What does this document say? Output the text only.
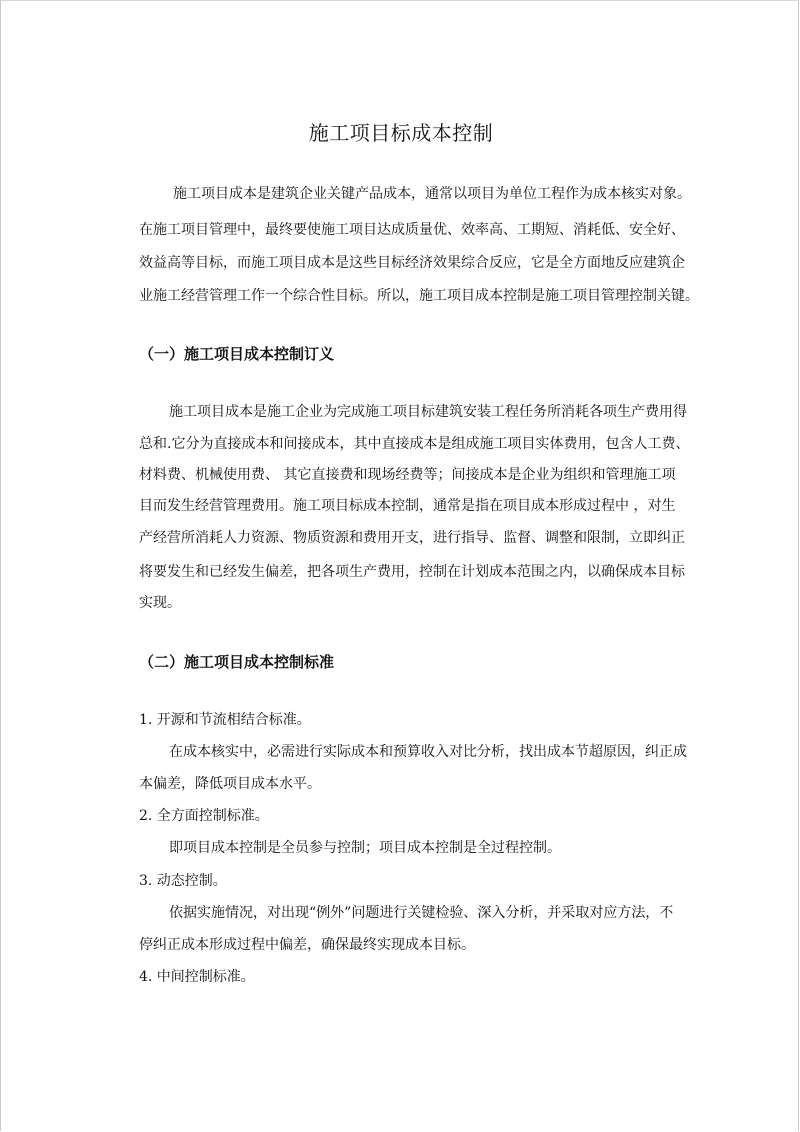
施工项目标成本控制
施工项目成本是建筑企业关键产品成本，通常以项目为单位工程作为成本核实对象。
在施工项目管理中，最终要使施工项目达成质量优、效率高、工期短、消耗低、安全好、
效益高等目标，而施工项目成本是这些目标经济效果综合反应，它是全方面地反应建筑企
业施工经营管理工作一个综合性目标。所以，施工项目成本控制是施工项目管理控制关键。
（一）施工项目成本控制订义
施工项目成本是施工企业为完成施工项目标建筑安装工程任务所消耗各项生产费用得
总和.它分为直接成本和间接成本，其中直接成本是组成施工项目实体费用，包含人工费、
材料费、机械使用费、 其它直接费和现场经费等；间接成本是企业为组织和管理施工项
目而发生经营管理费用。施工项目标成本控制，通常是指在项目成本形成过程中 ，对生
产经营所消耗人力资源、物质资源和费用开支，进行指导、监督、调整和限制，立即纠正
将要发生和已经发生偏差，把各项生产费用，控制在计划成本范围之内，以确保成本目标
实现。
（二）施工项目成本控制标准
1. 开源和节流相结合标准。
在成本核实中，必需进行实际成本和预算收入对比分析，找出成本节超原因，纠正成
本偏差，降低项目成本水平。
2. 全方面控制标准。
即项目成本控制是全员参与控制；项目成本控制是全过程控制。
3. 动态控制。
依据实施情况，对出现“例外”问题进行关键检验、深入分析，并采取对应方法，不
停纠正成本形成过程中偏差，确保最终实现成本目标。
4. 中间控制标准。
